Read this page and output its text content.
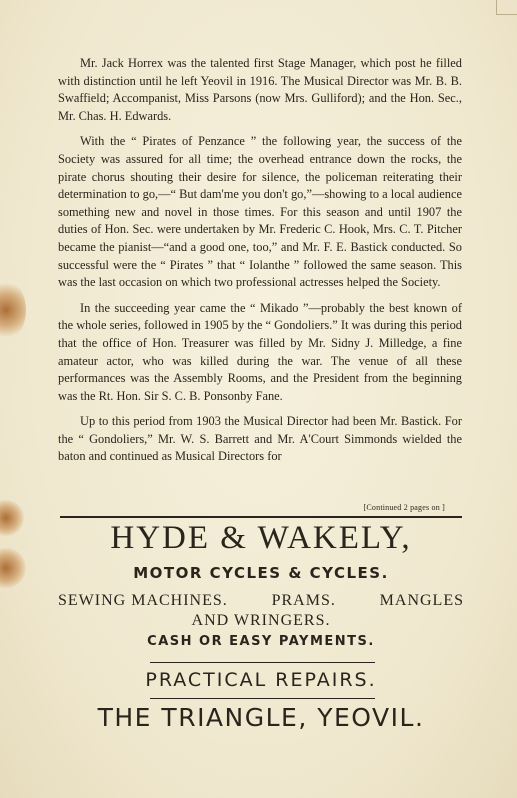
Mr. Jack Horrex was the talented first Stage Manager, which post he filled with distinction until he left Yeovil in 1916. The Musical Director was Mr. B. B. Swaffield; Accompanist, Miss Parsons (now Mrs. Gulliford); and the Hon. Sec., Mr. Chas. H. Edwards.

With the “ Pirates of Penzance ” the following year, the success of the Society was assured for all time; the overhead entrance down the rocks, the pirate chorus shouting their desire for silence, the policeman reiterating their determination to go,—“ But dam'me you don't go,”—showing to a local audience something new and novel in those times. For this season and until 1907 the duties of Hon. Sec. were undertaken by Mr. Frederic C. Hook, Mrs. C. T. Pitcher became the pianist—“and a good one, too,” and Mr. F. E. Bastick conducted. So successful were the “ Pirates ” that “ Iolanthe ” followed the same season. This was the last occasion on which two professional actresses helped the Society.

In the succeeding year came the “ Mikado ”—probably the best known of the whole series, followed in 1905 by the “ Gondoliers.” It was during this period that the office of Hon. Treasurer was filled by Mr. Sidny J. Milledge, a fine amateur actor, who was killed during the war. The venue of all these performances was the Assembly Rooms, and the President from the beginning was the Rt. Hon. Sir S. C. B. Ponsonby Fane.

Up to this period from 1903 the Musical Director had been Mr. Bastick. For the “ Gondoliers,” Mr. W. S. Barrett and Mr. A'Court Simmonds wielded the baton and continued as Musical Directors for

[Continued 2 pages on ]
HYDE & WAKELY,
MOTOR CYCLES & CYCLES.
SEWING MACHINES.	PRAMS.	MANGLES
AND WRINGERS.
CASH OR EASY PAYMENTS.
PRACTICAL REPAIRS.
THE TRIANGLE, YEOVIL.
